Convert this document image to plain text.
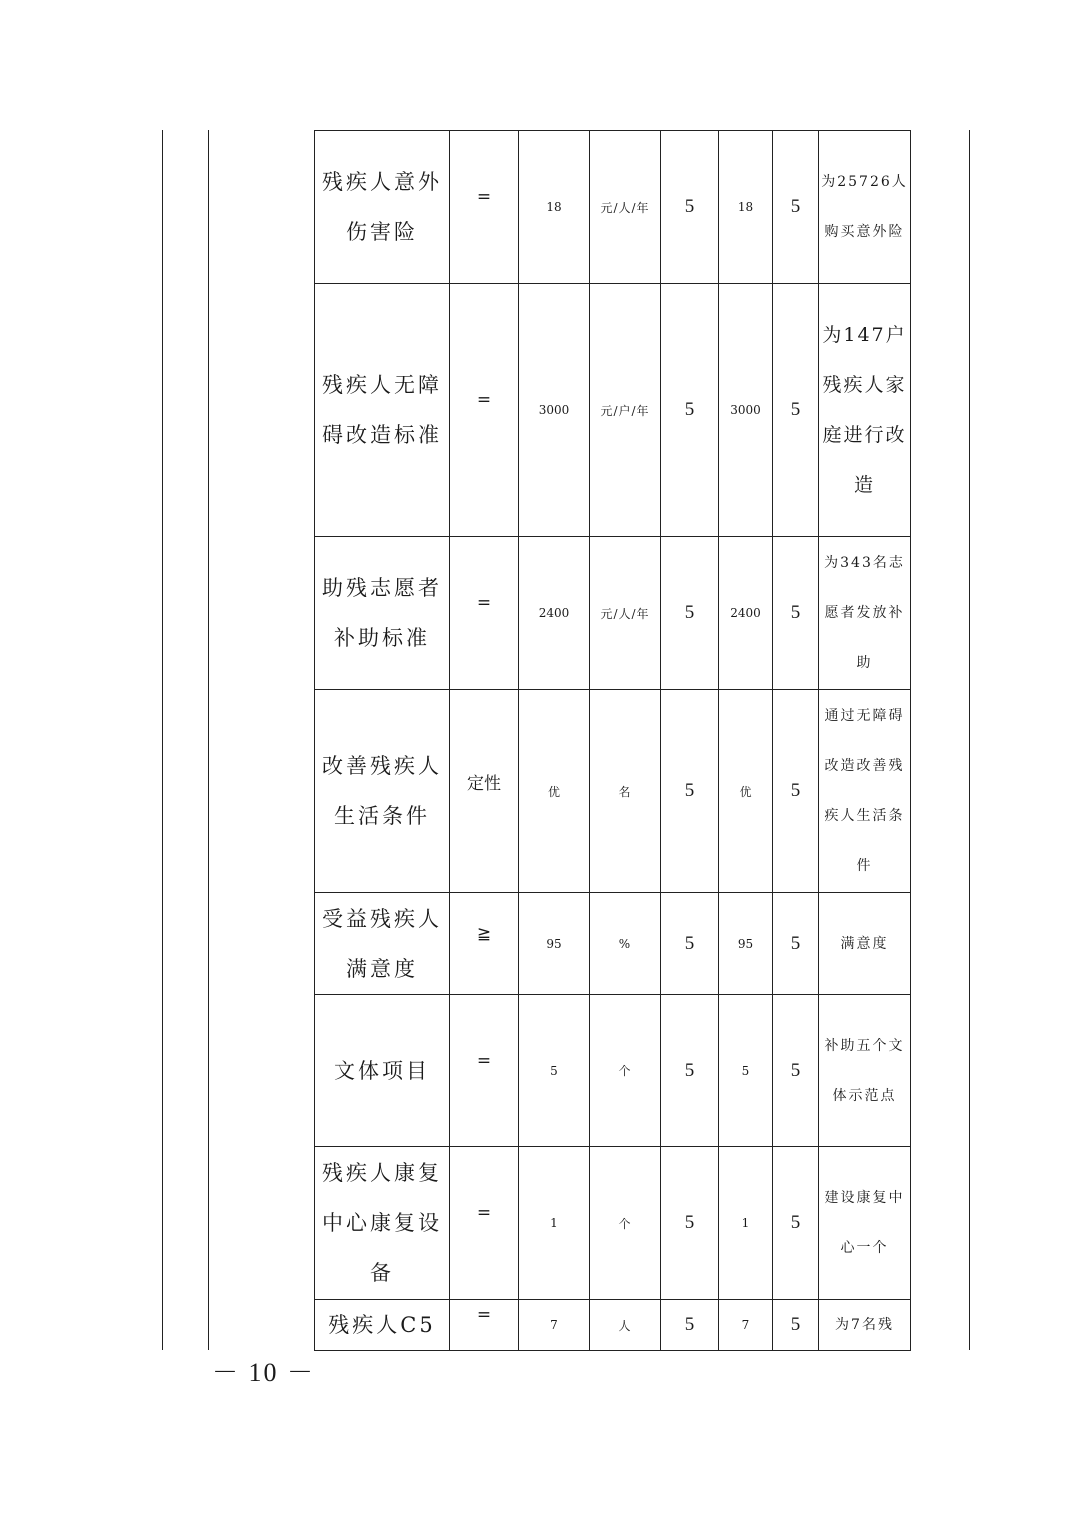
残疾人意外伤害险	=	18	元/人/年	5	18	5	为25726人购买意外险
残疾人无障碍改造标准	=	3000	元/户/年	5	3000	5	为147户残疾人家庭进行改造
助残志愿者补助标准	=	2400	元/人/年	5	2400	5	为343名志愿者发放补助
改善残疾人生活条件	定性	优	名	5	优	5	通过无障碍改造改善残疾人生活条件
受益残疾人满意度	≧	95	%	5	95	5	满意度
文体项目	=	5	个	5	5	5	补助五个文体示范点
残疾人康复中心康复设备	=	1	个	5	1	5	建设康复中心一个
残疾人C5	=	7	人	5	7	5	为7名残
－ 10 －
